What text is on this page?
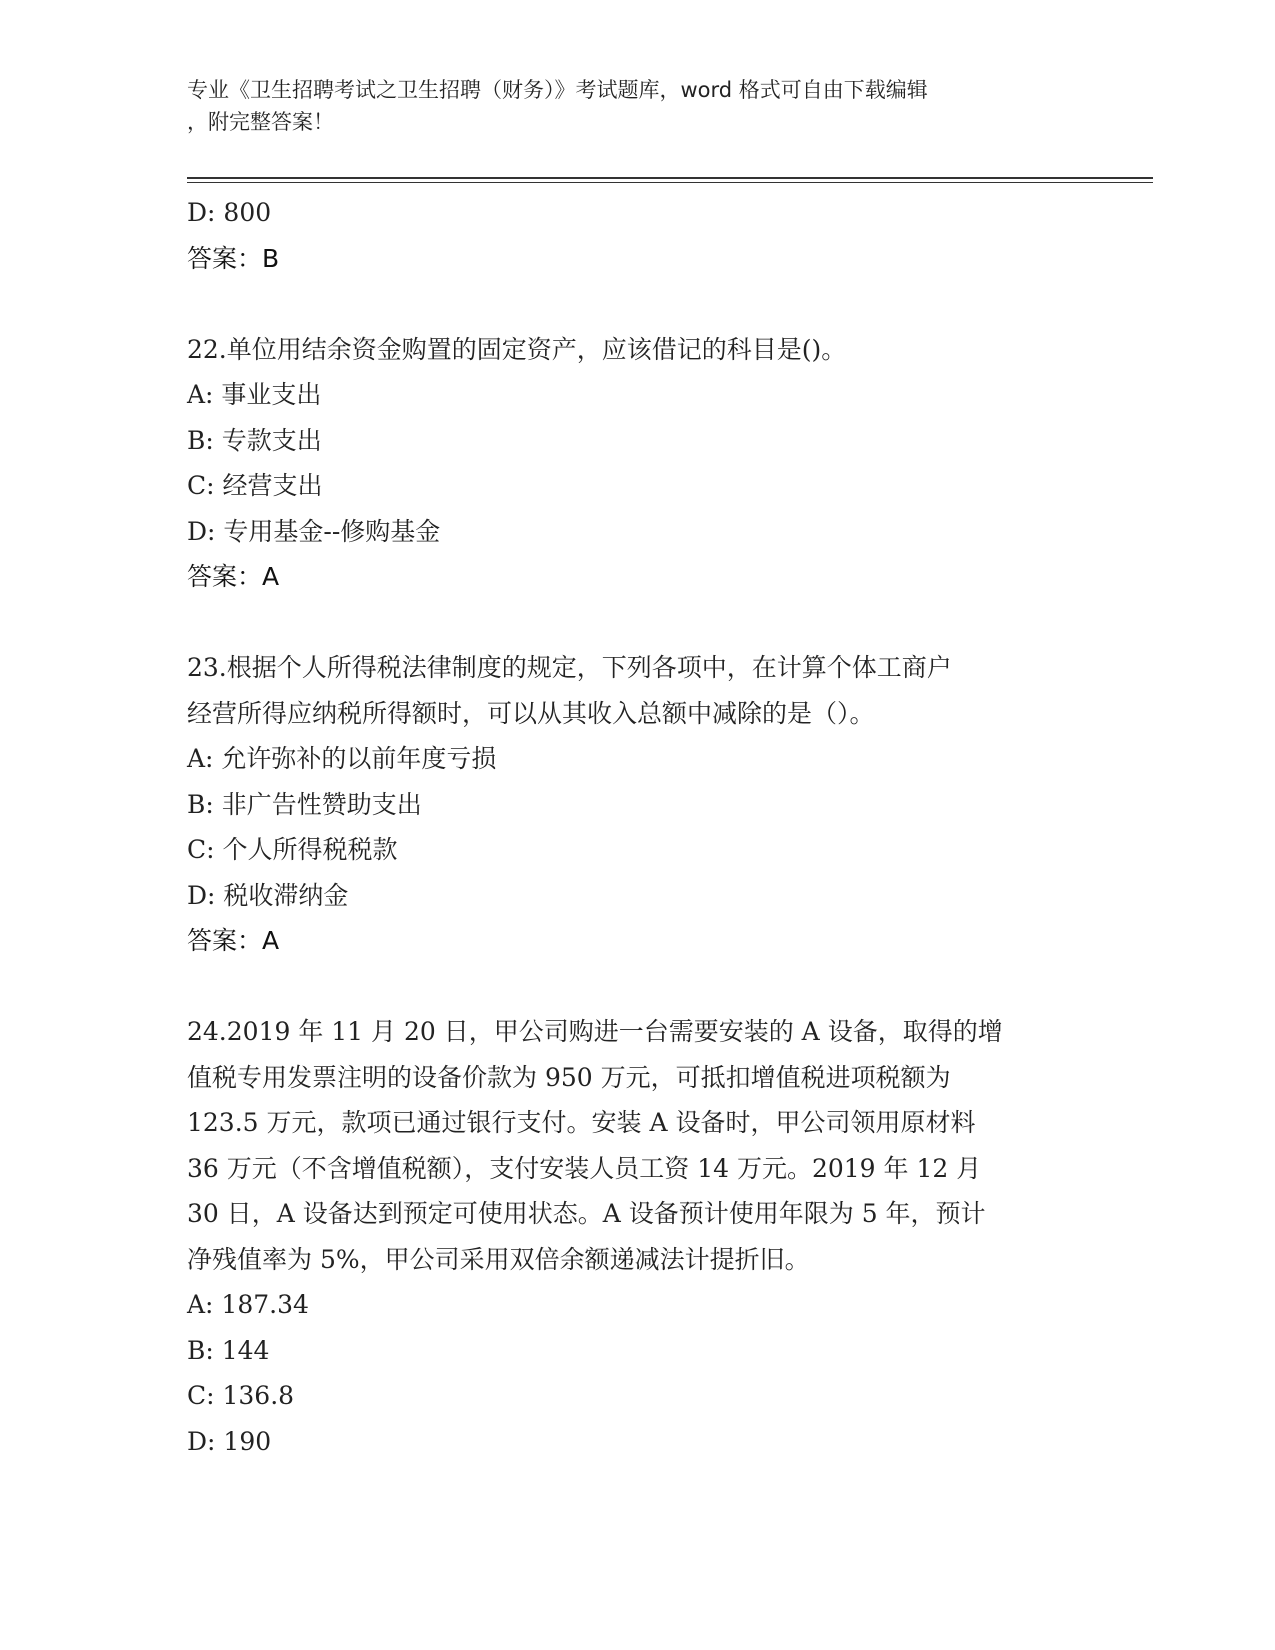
专业《卫生招聘考试之卫生招聘（财务）》考试题库，word 格式可自由下载编辑
，附完整答案！
D: 800
答案：B
22.单位用结余资金购置的固定资产，应该借记的科目是()。
A: 事业支出
B: 专款支出
C: 经营支出
D: 专用基金--修购基金
答案：A
23.根据个人所得税法律制度的规定，下列各项中，在计算个体工商户
经营所得应纳税所得额时，可以从其收入总额中减除的是（）。
A: 允许弥补的以前年度亏损
B: 非广告性赞助支出
C: 个人所得税税款
D: 税收滞纳金
答案：A
24.2019 年 11 月 20 日，甲公司购进一台需要安装的 A 设备，取得的增
值税专用发票注明的设备价款为 950 万元，可抵扣增值税进项税额为
123.5 万元，款项已通过银行支付。安装 A 设备时，甲公司领用原材料
36 万元（不含增值税额），支付安装人员工资 14 万元。2019 年 12 月
30 日，A 设备达到预定可使用状态。A 设备预计使用年限为 5 年，预计
净残值率为 5%，甲公司采用双倍余额递减法计提折旧。
A: 187.34
B: 144
C: 136.8
D: 190
